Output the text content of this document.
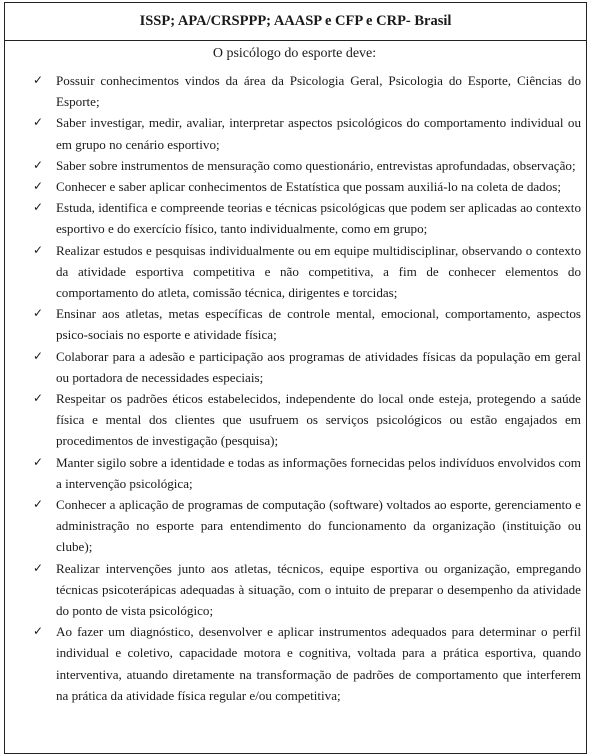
ISSP; APA/CRSPPP; AAASP e CFP e CRP- Brasil
O psicólogo do esporte deve:
✓ Possuir conhecimentos vindos da área da Psicologia Geral, Psicologia do Esporte, Ciências do Esporte;
✓ Saber investigar, medir, avaliar, interpretar aspectos psicológicos do comportamento individual ou em grupo no cenário esportivo;
✓ Saber sobre instrumentos de mensuração como questionário, entrevistas aprofundadas, observação;
✓ Conhecer e saber aplicar conhecimentos de Estatística que possam auxiliá-lo na coleta de dados;
✓ Estuda, identifica e compreende teorias e técnicas psicológicas que podem ser aplicadas ao contexto esportivo e do exercício físico, tanto individualmente, como em grupo;
✓ Realizar estudos e pesquisas individualmente ou em equipe multidisciplinar, observando o contexto da atividade esportiva competitiva e não competitiva, a fim de conhecer elementos do comportamento do atleta, comissão técnica, dirigentes e torcidas;
✓ Ensinar aos atletas, metas específicas de controle mental, emocional, comportamento, aspectos psico-sociais no esporte e atividade física;
✓ Colaborar para a adesão e participação aos programas de atividades físicas da população em geral ou portadora de necessidades especiais;
✓ Respeitar os padrões éticos estabelecidos, independente do local onde esteja, protegendo a saúde física e mental dos clientes que usufruem os serviços psicológicos ou estão engajados em procedimentos de investigação (pesquisa);
✓ Manter sigilo sobre a identidade e todas as informações fornecidas pelos indivíduos envolvidos com a intervenção psicológica;
✓ Conhecer a aplicação de programas de computação (software) voltados ao esporte, gerenciamento e administração no esporte para entendimento do funcionamento da organização (instituição ou clube);
✓ Realizar intervenções junto aos atletas, técnicos, equipe esportiva ou organização, empregando técnicas psicoterápicas adequadas à situação, com o intuito de preparar o desempenho da atividade do ponto de vista psicológico;
✓ Ao fazer um diagnóstico, desenvolver e aplicar instrumentos adequados para determinar o perfil individual e coletivo, capacidade motora e cognitiva, voltada para a prática esportiva, quando interventiva, atuando diretamente na transformação de padrões de comportamento que interferem na prática da atividade física regular e/ou competitiva;
